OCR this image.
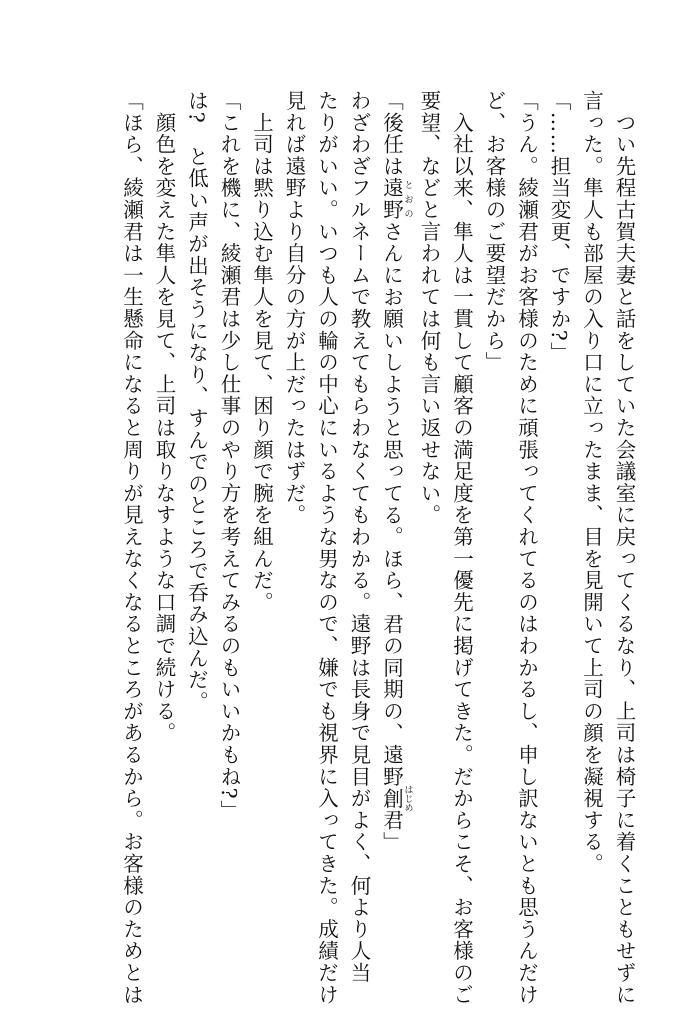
　つい先程古賀夫妻と話をしていた会議室に戻ってくるなり、上司は椅子に着くこともせずに
言った。隼人も部屋の入り口に立ったまま、目を見開いて上司の顔を凝視する。
「……担当変更、ですか?」
「うん。綾瀬君がお客様のために頑張ってくれてるのはわかるし、申し訳ないとも思うんだけ
ど、お客様のご要望だから」
　入社以来、隼人は一貫して顧客の満足度を第一優先に掲げてきた。だからこそ、お客様のご
要望、などと言われては何も言い返せない。
「後任は遠野 とおのさんにお願いしようと思ってる。ほら、君の同期の、遠野創 はじめ君」
わざわざフルネームで教えてもらわなくてもわかる。遠野は長身で見目がよく、何より人当
たりがいい。いつも人の輪の中心にいるような男なので、嫌でも視界に入ってきた。成績だけ
見れば遠野より自分の方が上だったはずだ。
　上司は黙り込む隼人を見て、困り顔で腕を組んだ。
「これを機に、綾瀬君は少し仕事のやり方を考えてみるのもいいかもね?」
は?　と低い声が出そうになり、すんでのところで呑み込んだ。
　顔色を変えた隼人を見て、上司は取りなすような口調で続ける。
「ほら、綾瀬君は一生懸命になると周りが見えなくなるところがあるから。お客様のためとは
